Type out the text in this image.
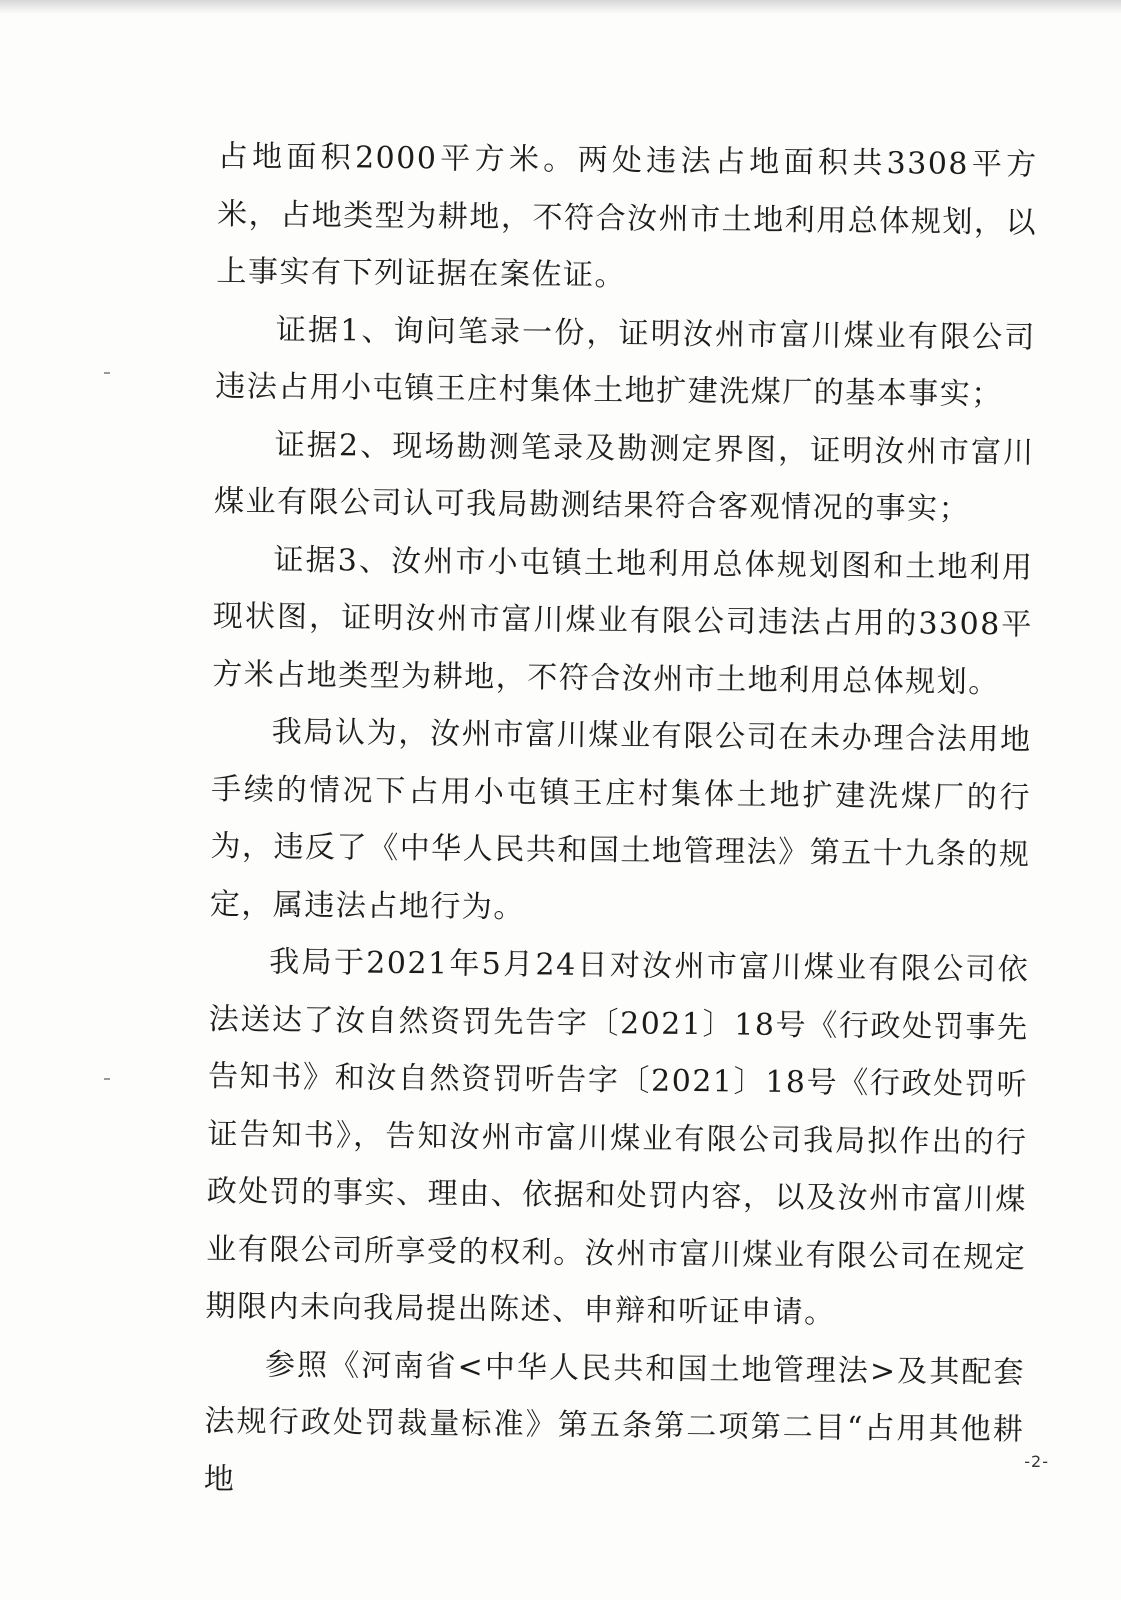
占地面积2000平方米。两处违法占地面积共3308平方米，占地类型为耕地，不符合汝州市土地利用总体规划，以上事实有下列证据在案佐证。

证据1、询问笔录一份，证明汝州市富川煤业有限公司违法占用小屯镇王庄村集体土地扩建洗煤厂的基本事实；

证据2、现场勘测笔录及勘测定界图，证明汝州市富川煤业有限公司认可我局勘测结果符合客观情况的事实；

证据3、汝州市小屯镇土地利用总体规划图和土地利用现状图，证明汝州市富川煤业有限公司违法占用的3308平方米占地类型为耕地，不符合汝州市土地利用总体规划。

我局认为，汝州市富川煤业有限公司在未办理合法用地手续的情况下占用小屯镇王庄村集体土地扩建洗煤厂的行为，违反了《中华人民共和国土地管理法》第五十九条的规定，属违法占地行为。

我局于2021年5月24日对汝州市富川煤业有限公司依法送达了汝自然资罚先告字〔2021〕18号《行政处罚事先告知书》和汝自然资罚听告字〔2021〕18号《行政处罚听证告知书》，告知汝州市富川煤业有限公司我局拟作出的行政处罚的事实、理由、依据和处罚内容，以及汝州市富川煤业有限公司所享受的权利。汝州市富川煤业有限公司在规定期限内未向我局提出陈述、申辩和听证申请。

参照《河南省<中华人民共和国土地管理法>及其配套法规行政处罚裁量标准》第五条第二项第二目“占用其他耕地	-2-
